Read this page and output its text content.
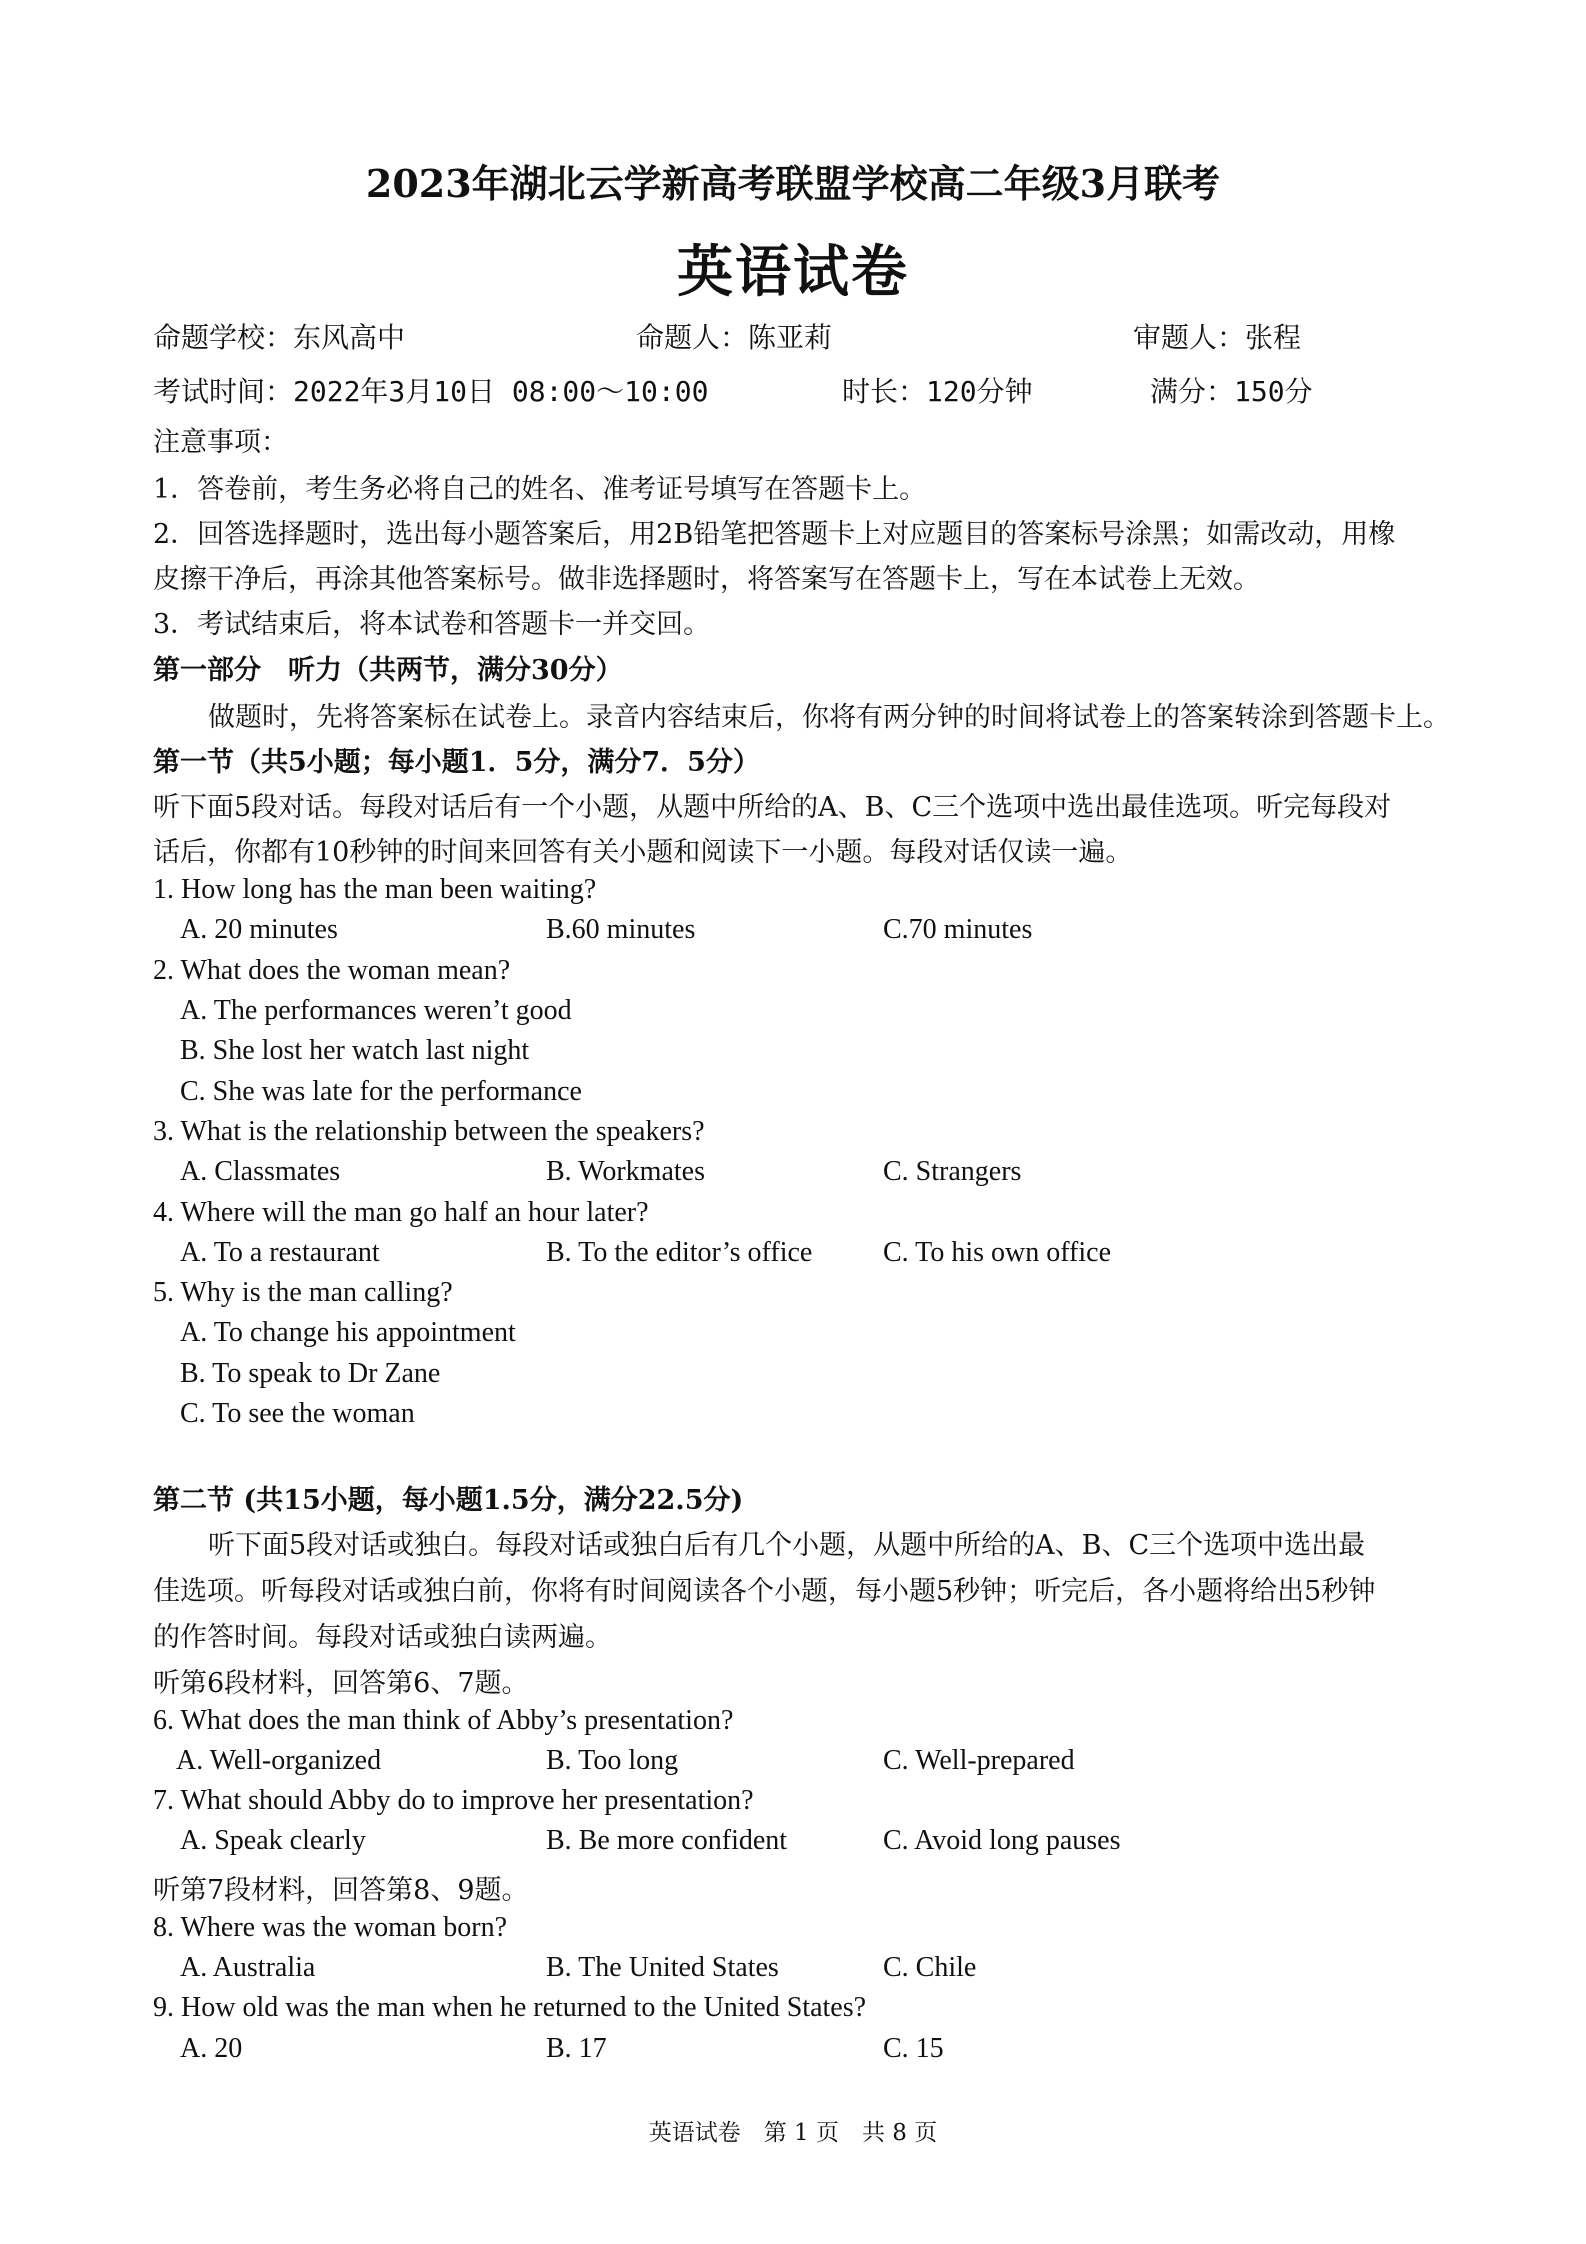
2023年湖北云学新高考联盟学校高二年级3月联考
英语试卷
命题学校：东风高中	命题人：陈亚莉	审题人：张程
考试时间：2022年3月10日 08:00～10:00	时长：120分钟	满分：150分
注意事项：
1．答卷前，考生务必将自己的姓名、准考证号填写在答题卡上。
2．回答选择题时，选出每小题答案后，用2B铅笔把答题卡上对应题目的答案标号涂黑；如需改动，用橡
皮擦干净后，再涂其他答案标号。做非选择题时，将答案写在答题卡上，写在本试卷上无效。
3．考试结束后，将本试卷和答题卡一并交回。
第一部分　听力（共两节，满分30分）
做题时，先将答案标在试卷上。录音内容结束后，你将有两分钟的时间将试卷上的答案转涂到答题卡上。
第一节（共5小题；每小题1．5分，满分7．5分）
听下面5段对话。每段对话后有一个小题，从题中所给的A、B、C三个选项中选出最佳选项。听完每段对
话后，你都有10秒钟的时间来回答有关小题和阅读下一小题。每段对话仅读一遍。
1. How long has the man been waiting?
A. 20 minutes	B.60 minutes	C.70 minutes
2. What does the woman mean?
A. The performances weren’t good
B. She lost her watch last night
C. She was late for the performance
3. What is the relationship between the speakers?
A. Classmates	B. Workmates	C. Strangers
4. Where will the man go half an hour later?
A. To a restaurant	B. To the editor’s office	C. To his own office
5. Why is the man calling?
A. To change his appointment
B. To speak to Dr Zane
C. To see the woman
第二节 (共15小题，每小题1.5分，满分22.5分)
听下面5段对话或独白。每段对话或独白后有几个小题，从题中所给的A、B、C三个选项中选出最
佳选项。听每段对话或独白前，你将有时间阅读各个小题，每小题5秒钟；听完后，各小题将给出5秒钟
的作答时间。每段对话或独白读两遍。
听第6段材料，回答第6、7题。
6. What does the man think of Abby’s presentation?
A. Well-organized	B. Too long	C. Well-prepared
7. What should Abby do to improve her presentation?
A. Speak clearly	B. Be more confident	C. Avoid long pauses
听第7段材料，回答第8、9题。
8. Where was the woman born?
A. Australia	B. The United States	C. Chile
9. How old was the man when he returned to the United States?
A. 20	B. 17	C. 15
英语试卷　第 1 页　共 8 页
